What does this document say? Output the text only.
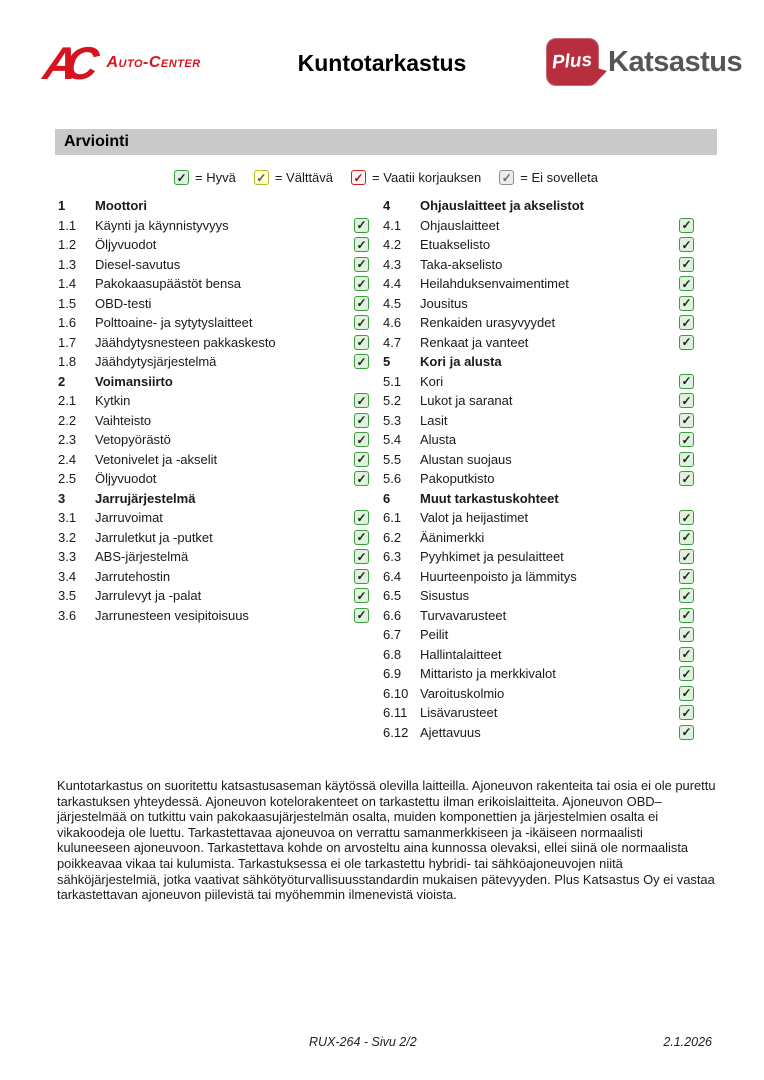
AC	Auto-Center	Kuntotarkastus	Plus Katsastus
Arviointi
✓ = Hyvä ✓ = Välttävä ✓ = Vaatii korjauksen ✓ = Ei sovelleta
1	Moottori
1.1	Käynti ja käynnistyvyys	✓
1.2	Öljyvuodot	✓
1.3	Diesel-savutus	✓
1.4	Pakokaasupäästöt bensa	✓
1.5	OBD-testi	✓
1.6	Polttoaine- ja sytytyslaitteet	✓
1.7	Jäähdytysnesteen pakkaskesto	✓
1.8	Jäähdytysjärjestelmä	✓
2	Voimansiirto
2.1	Kytkin	✓
2.2	Vaihteisto	✓
2.3	Vetopyörästö	✓
2.4	Vetonivelet ja -akselit	✓
2.5	Öljyvuodot	✓
3	Jarrujärjestelmä
3.1	Jarruvoimat	✓
3.2	Jarruletkut ja -putket	✓
3.3	ABS-järjestelmä	✓
3.4	Jarrutehostin	✓
3.5	Jarrulevyt ja -palat	✓
3.6	Jarrunesteen vesipitoisuus	✓
4	Ohjauslaitteet ja akselistot
4.1	Ohjauslaitteet	✓
4.2	Etuakselisto	✓
4.3	Taka-akselisto	✓
4.4	Heilahduksenvaimentimet	✓
4.5	Jousitus	✓
4.6	Renkaiden urasyvyydet	✓
4.7	Renkaat ja vanteet	✓
5	Kori ja alusta
5.1	Kori	✓
5.2	Lukot ja saranat	✓
5.3	Lasit	✓
5.4	Alusta	✓
5.5	Alustan suojaus	✓
5.6	Pakoputkisto	✓
6	Muut tarkastuskohteet
6.1	Valot ja heijastimet	✓
6.2	Äänimerkki	✓
6.3	Pyyhkimet ja pesulaitteet	✓
6.4	Huurteenpoisto ja lämmitys	✓
6.5	Sisustus	✓
6.6	Turvavarusteet	✓
6.7	Peilit	✓
6.8	Hallintalaitteet	✓
6.9	Mittaristo ja merkkivalot	✓
6.10 Varoituskolmio	✓
6.11 Lisävarusteet	✓
6.12 Ajettavuus	✓

Kuntotarkastus on suoritettu katsastusaseman käytössä olevilla laitteilla. Ajoneuvon rakenteita tai osia ei ole purettu tarkastuksen yhteydessä. Ajoneuvon kotelorakenteet on tarkastettu ilman erikoislaitteita. Ajoneuvon OBD–järjestelmää on tutkittu vain pakokaasujärjestelmän osalta, muiden komponettien ja järjestelmien osalta ei vikakoodeja ole luettu. Tarkastettavaa ajoneuvoa on verrattu samanmerkkiseen ja -ikäiseen normaalisti kuluneeseen ajoneuvoon. Tarkastettava kohde on arvosteltu aina kunnossa olevaksi, ellei siinä ole normaalista poikkeavaa vikaa tai kulumista. Tarkastuksessa ei ole tarkastettu hybridi- tai sähköajoneuvojen niitä sähköjärjestelmiä, jotka vaativat sähkötyöturvallisuusstandardin mukaisen pätevyyden. Plus Katsastus Oy ei vastaa tarkastettavan ajoneuvon piilevistä tai myöhemmin ilmenevistä vioista.

RUX-264 - Sivu 2/2	2.1.2026
